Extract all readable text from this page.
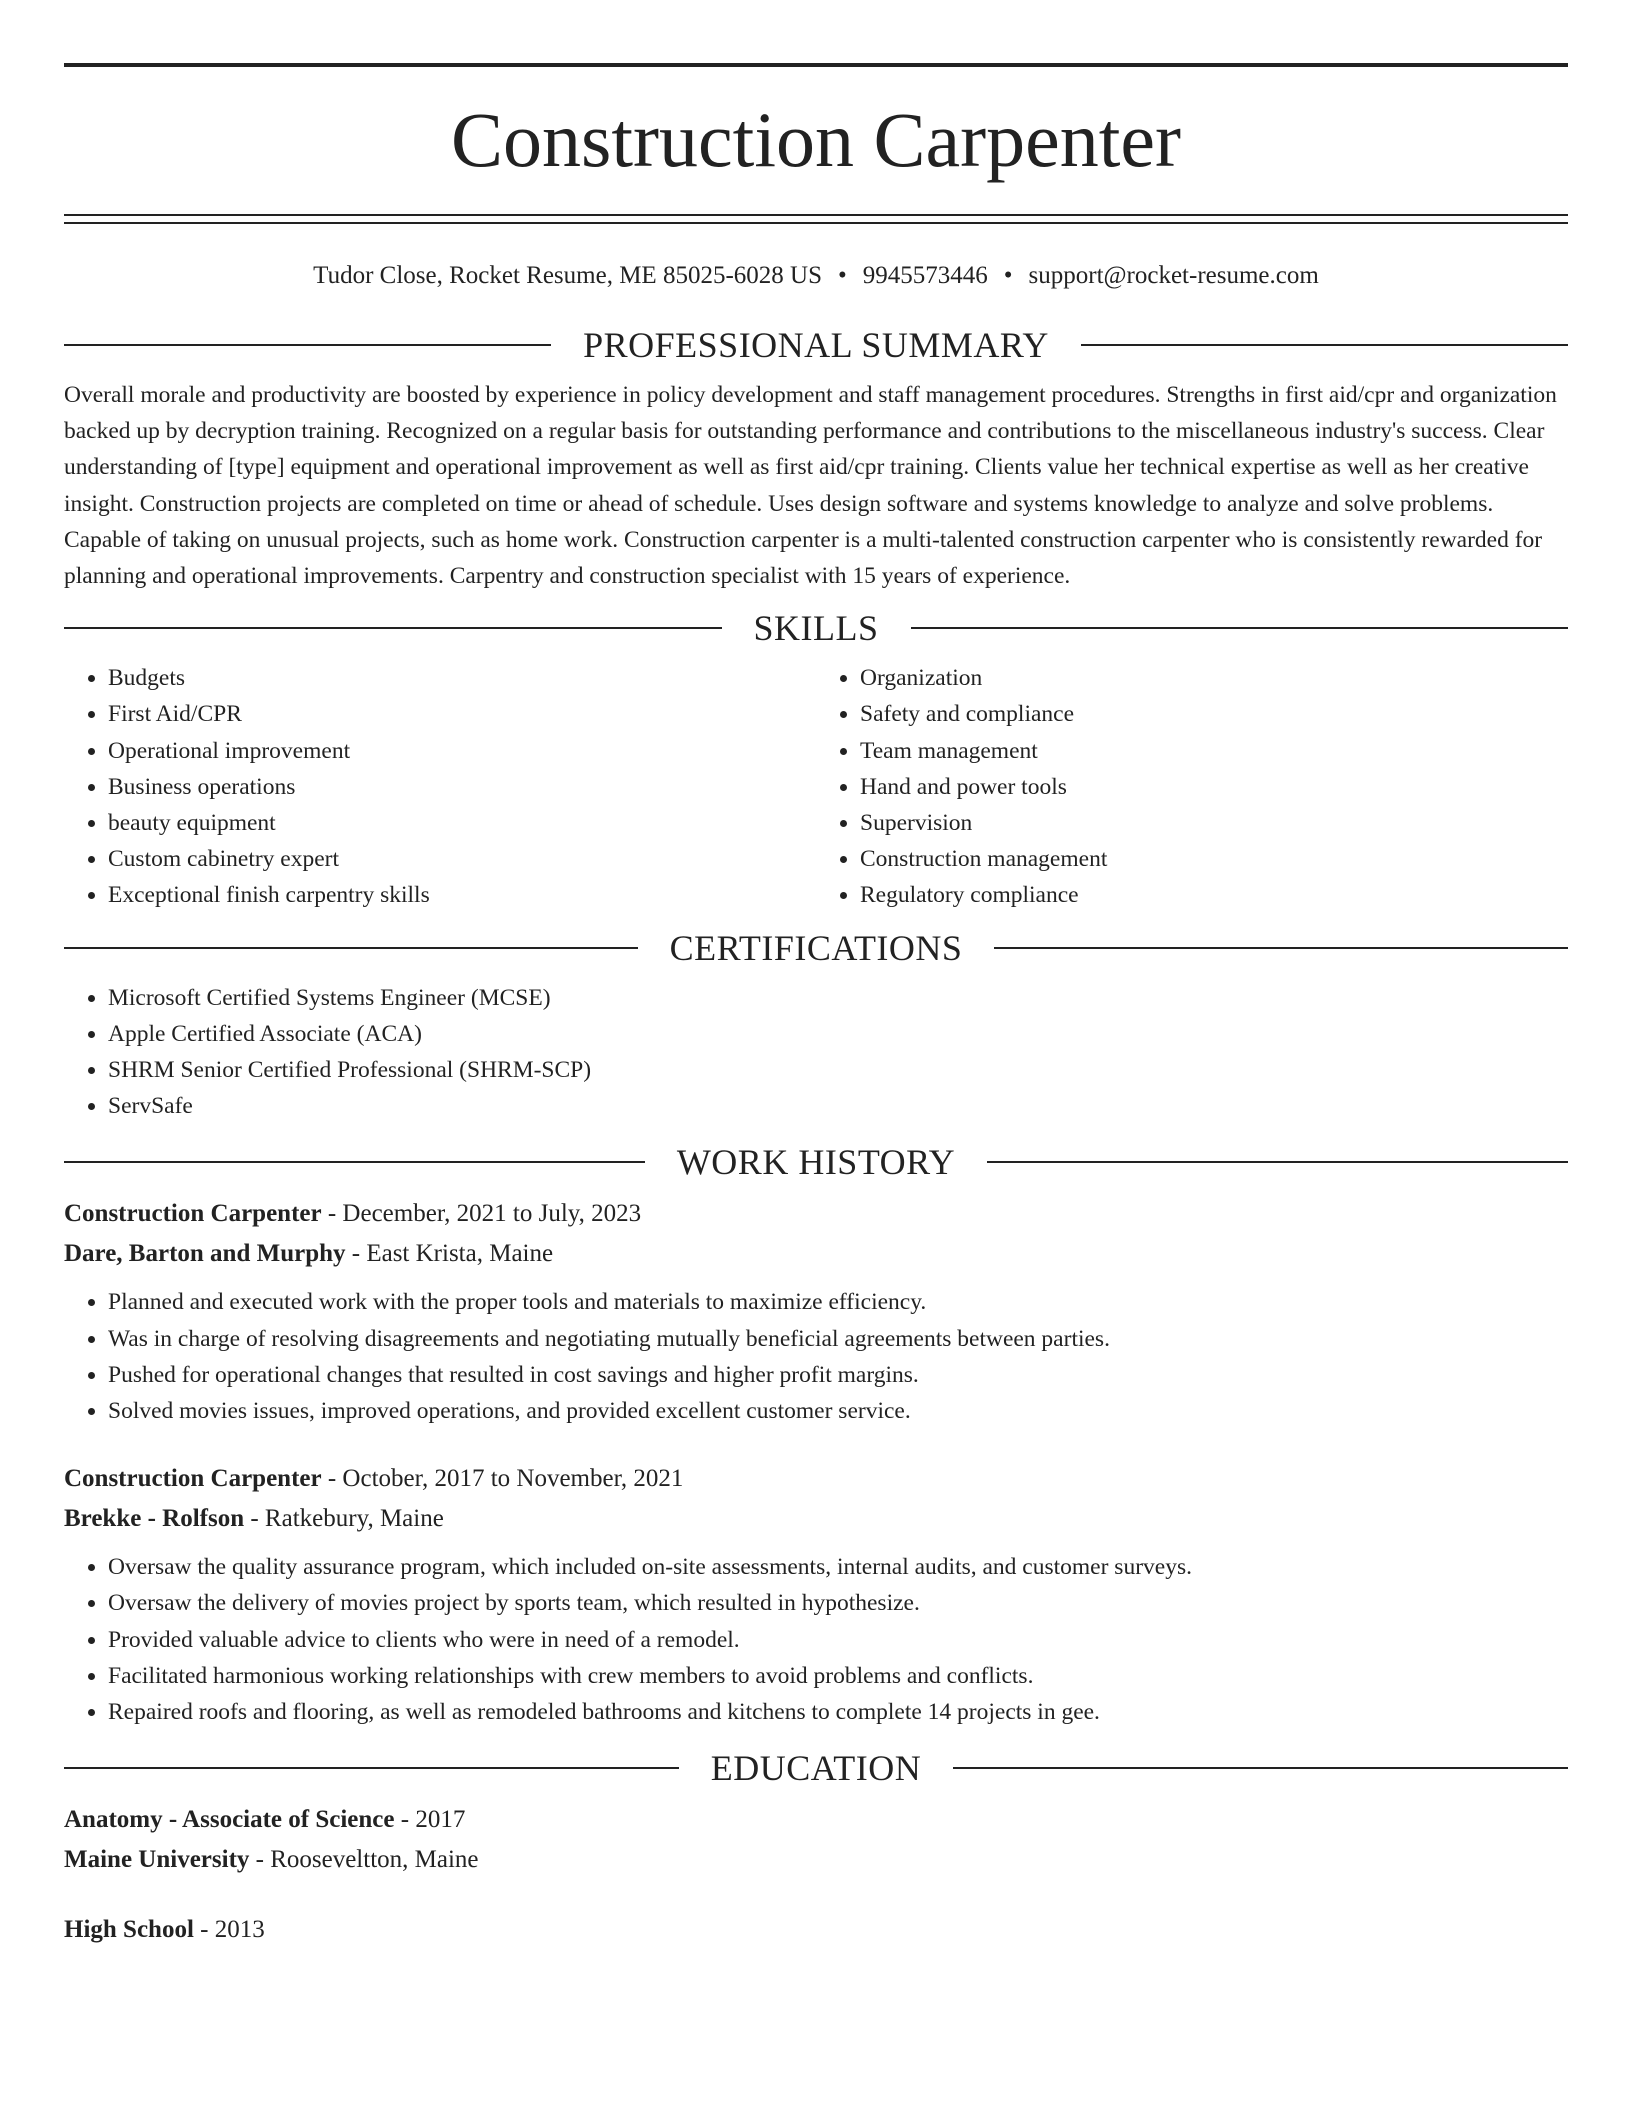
Construction Carpenter
Tudor Close, Rocket Resume, ME 85025-6028 US • 9945573446 • support@rocket-resume.com
PROFESSIONAL SUMMARY

Overall morale and productivity are boosted by experience in policy development and staff management procedures. Strengths in first aid/cpr and organization backed up by decryption training. Recognized on a regular basis for outstanding performance and contributions to the miscellaneous industry's success. Clear understanding of [type] equipment and operational improvement as well as first aid/cpr training. Clients value her technical expertise as well as her creative insight. Construction projects are completed on time or ahead of schedule. Uses design software and systems knowledge to analyze and solve problems. Capable of taking on unusual projects, such as home work. Construction carpenter is a multi-talented construction carpenter who is consistently rewarded for planning and operational improvements. Carpentry and construction specialist with 15 years of experience.

SKILLS
• Budgets
• First Aid/CPR
• Operational improvement
• Business operations
• beauty equipment
• Custom cabinetry expert
• Exceptional finish carpentry skills
• Organization
• Safety and compliance
• Team management
• Hand and power tools
• Supervision
• Construction management
• Regulatory compliance
CERTIFICATIONS
• Microsoft Certified Systems Engineer (MCSE)
• Apple Certified Associate (ACA)
• SHRM Senior Certified Professional (SHRM-SCP)
• ServSafe
WORK HISTORY
Construction Carpenter - December, 2021 to July, 2023
Dare, Barton and Murphy - East Krista, Maine
• Planned and executed work with the proper tools and materials to maximize efficiency.
• Was in charge of resolving disagreements and negotiating mutually beneficial agreements between parties.
• Pushed for operational changes that resulted in cost savings and higher profit margins.
• Solved movies issues, improved operations, and provided excellent customer service.
Construction Carpenter - October, 2017 to November, 2021
Brekke - Rolfson - Ratkebury, Maine
• Oversaw the quality assurance program, which included on-site assessments, internal audits, and customer surveys.
• Oversaw the delivery of movies project by sports team, which resulted in hypothesize.
• Provided valuable advice to clients who were in need of a remodel.
• Facilitated harmonious working relationships with crew members to avoid problems and conflicts.
• Repaired roofs and flooring, as well as remodeled bathrooms and kitchens to complete 14 projects in gee.
EDUCATION
Anatomy - Associate of Science - 2017
Maine University - Rooseveltton, Maine
High School - 2013
